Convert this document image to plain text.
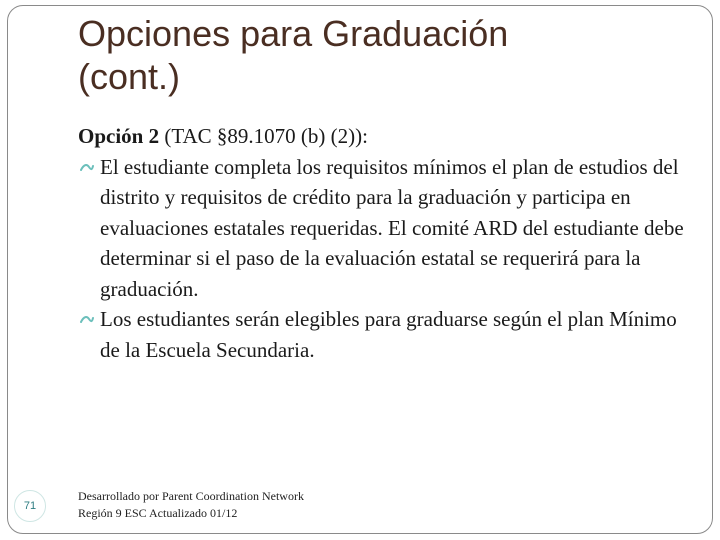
Opciones para Graduación
(cont.)

Opción 2 (TAC §89.1070 (b) (2)):

El estudiante completa los requisitos mínimos el plan de estudios del distrito y requisitos de crédito para la graduación y participa en evaluaciones estatales requeridas. El comité ARD del estudiante debe determinar si el paso de la evaluación estatal se requerirá para la graduación.

Los estudiantes serán elegibles para graduarse según el plan Mínimo de la Escuela Secundaria.

71
Desarrollado por Parent Coordination Network
Región 9 ESC Actualizado 01/12
